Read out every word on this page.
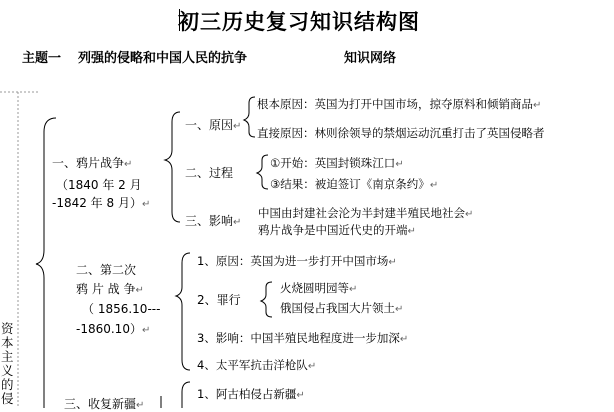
初三历史复习知识结构图
主题一 列强的侵略和中国人民的抗争	知识网络
资本主义的侵
一、鸦片战争↵
（1840 年 2 月
-1842 年 8 月）↵
一、原因↵
根本原因：英国为打开中国市场，掠夺原料和倾销商品↵
直接原因：林则徐领导的禁烟运动沉重打击了英国侵略者
二、过程
①开始：英国封锁珠江口↵
③结果：被迫签订《南京条约》↵
三、影响↵
中国由封建社会沦为半封建半殖民地社会↵
鸦片战争是中国近代史的开端↵
二、第二次
鸦 片 战 争↵
（ 1856.10---
-1860.10）↵
1、原因：英国为进一步打开中国市场↵
2、罪行
火烧圆明园等↵
俄国侵占我国大片领土↵
3、影响：中国半殖民地程度进一步加深↵
4、太平军抗击洋枪队↵
三、收复新疆↵
1、阿古柏侵占新疆↵
